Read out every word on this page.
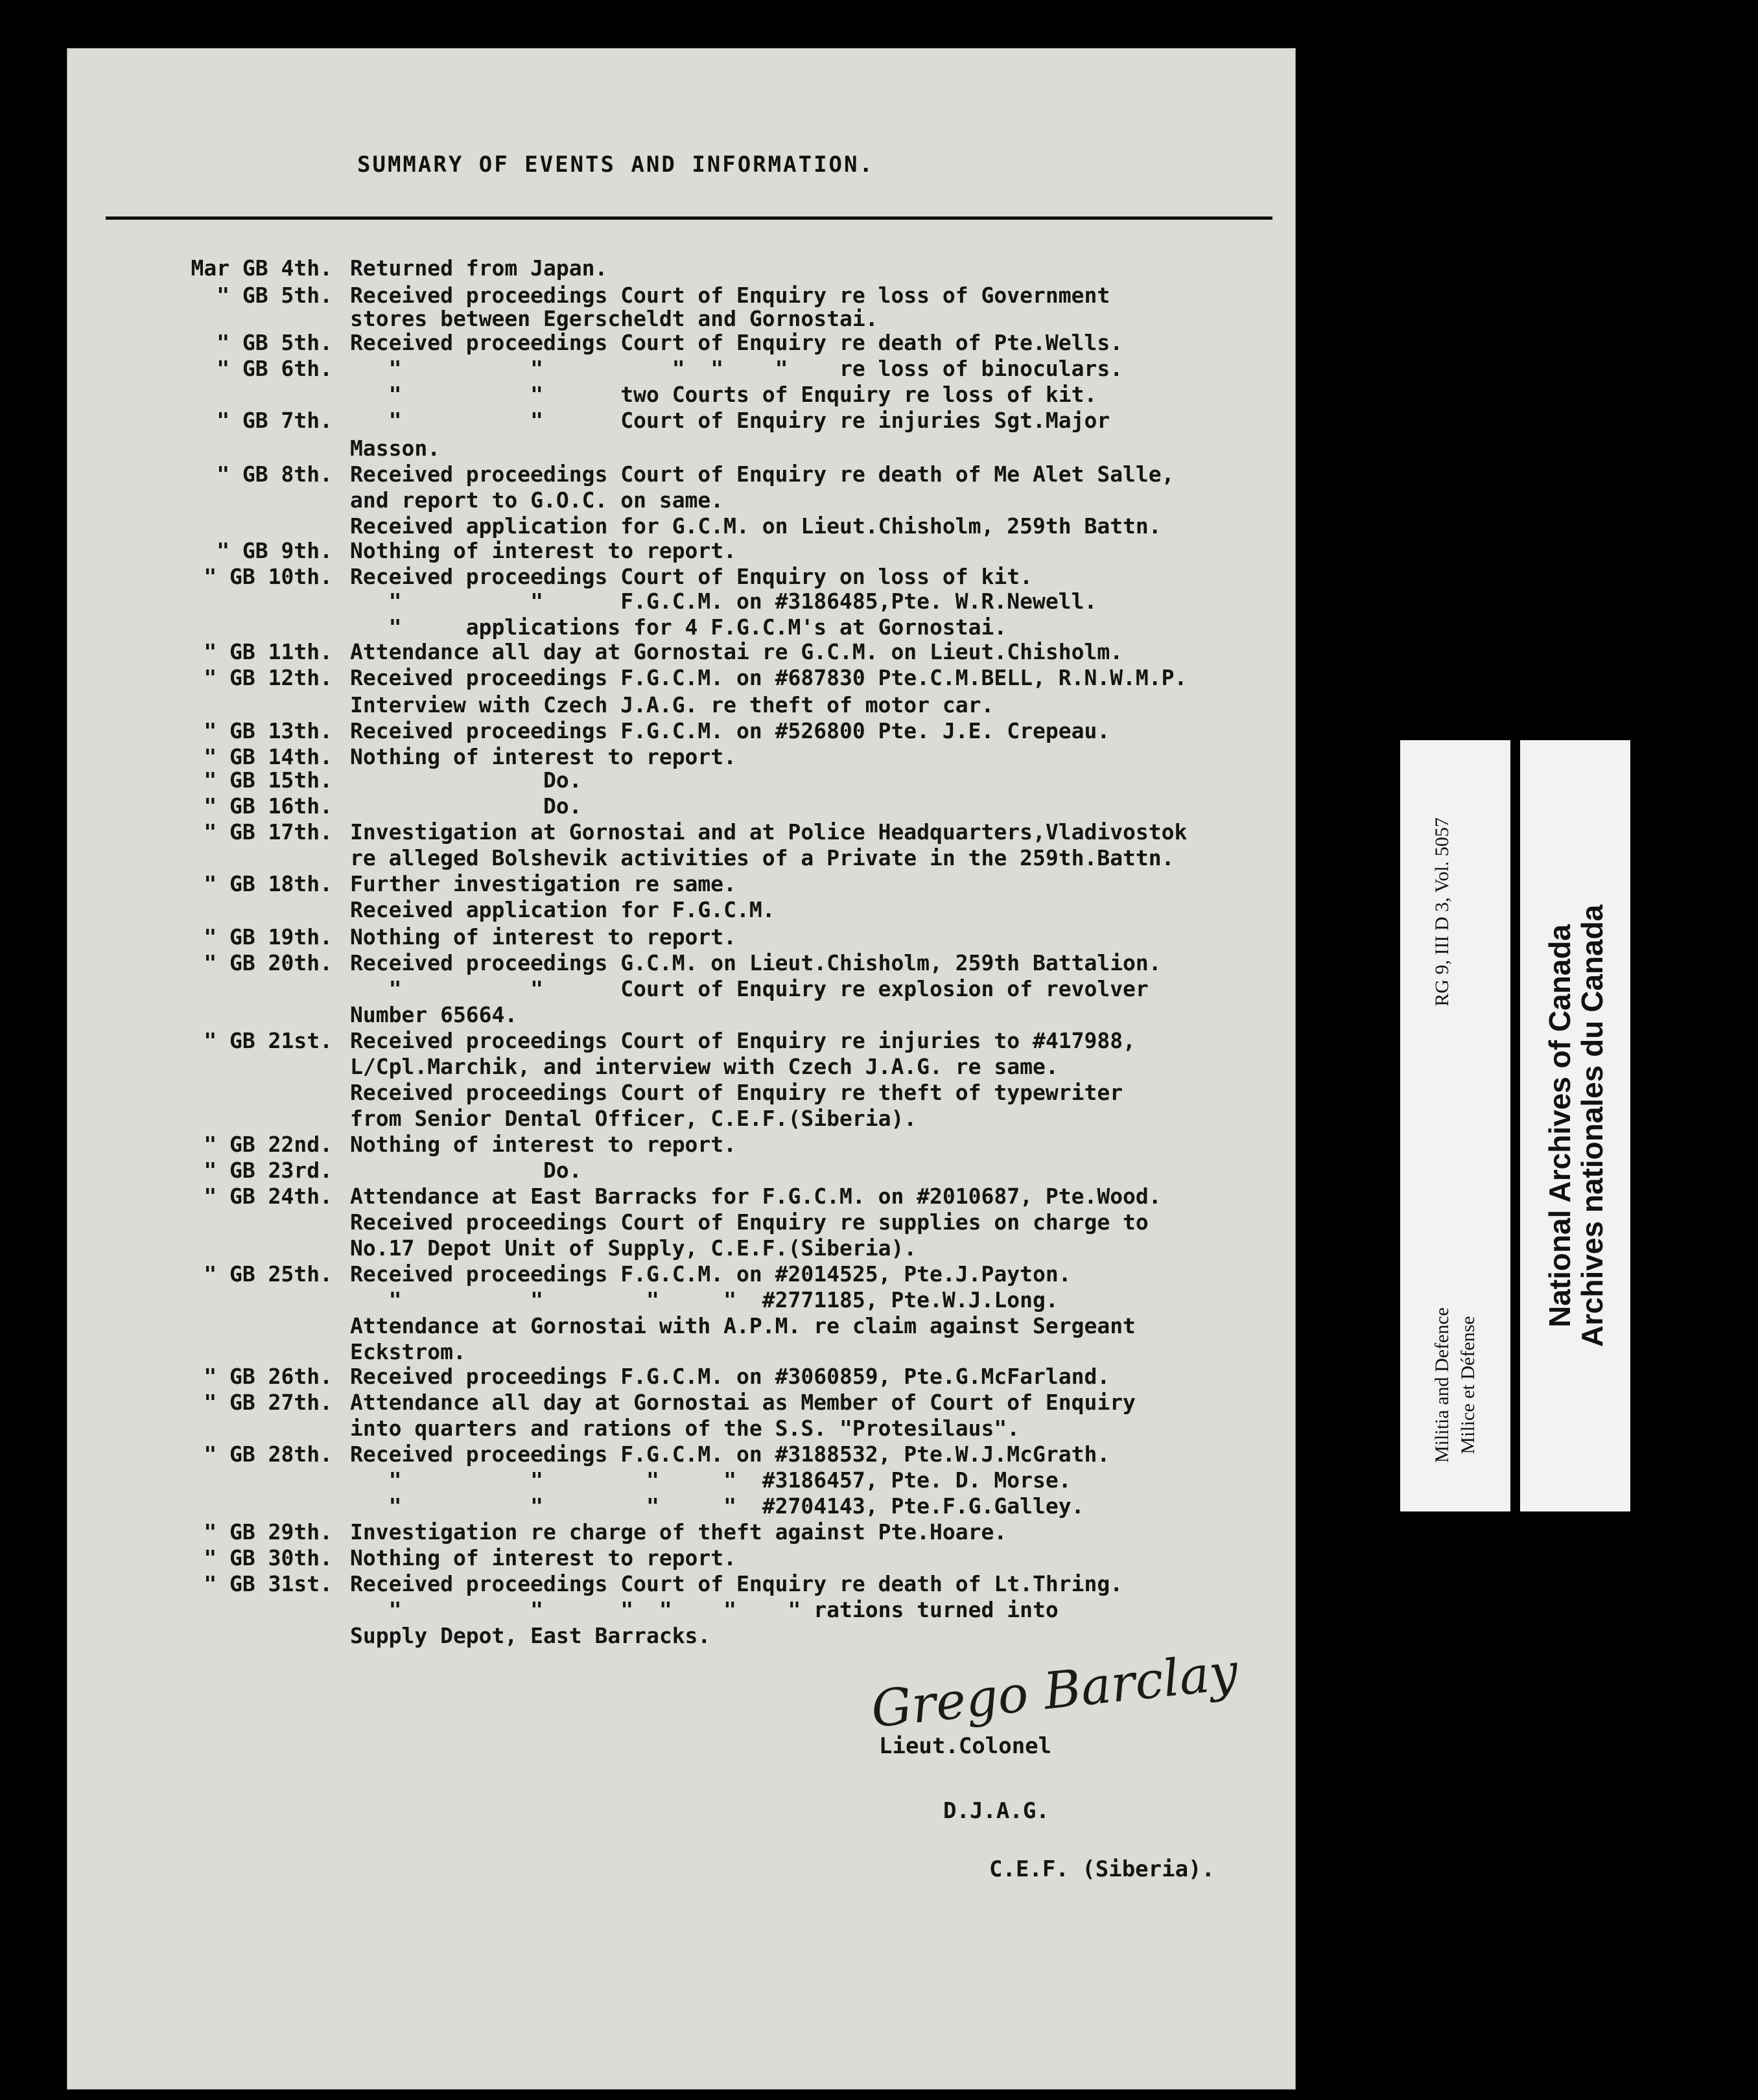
SUMMARY OF EVENTS AND INFORMATION.
Mar GB 4th. Returned from Japan.
" GB 5th. Received proceedings Court of Enquiry re loss of Government
stores between Egerscheldt and Gornostai.
" GB 5th. Received proceedings Court of Enquiry re death of Pte.Wells.
" GB 6th. "          "          "  "    "    re loss of binoculars.
"          "      two Courts of Enquiry re loss of kit.
" GB 7th. "          "      Court of Enquiry re injuries Sgt.Major
Masson.
" GB 8th. Received proceedings Court of Enquiry re death of Me Alet Salle,
and report to G.O.C. on same.
Received application for G.C.M. on Lieut.Chisholm, 259th Battn.
" GB 9th. Nothing of interest to report.
" GB 10th. Received proceedings Court of Enquiry on loss of kit.
"          "      F.G.C.M. on #3186485,Pte. W.R.Newell.
"     applications for 4 F.G.C.M's at Gornostai.
" GB 11th. Attendance all day at Gornostai re G.C.M. on Lieut.Chisholm.
" GB 12th. Received proceedings F.G.C.M. on #687830 Pte.C.M.BELL, R.N.W.M.P.
Interview with Czech J.A.G. re theft of motor car.
" GB 13th. Received proceedings F.G.C.M. on #526800 Pte. J.E. Crepeau.
" GB 14th. Nothing of interest to report.
" GB 15th. Do.
" GB 16th. Do.
" GB 17th. Investigation at Gornostai and at Police Headquarters,Vladivostok
re alleged Bolshevik activities of a Private in the 259th.Battn.
" GB 18th. Further investigation re same.
Received application for F.G.C.M.
" GB 19th. Nothing of interest to report.
" GB 20th. Received proceedings G.C.M. on Lieut.Chisholm, 259th Battalion.
"          "      Court of Enquiry re explosion of revolver
Number 65664.
" GB 21st. Received proceedings Court of Enquiry re injuries to #417988,
L/Cpl.Marchik, and interview with Czech J.A.G. re same.
Received proceedings Court of Enquiry re theft of typewriter
from Senior Dental Officer, C.E.F.(Siberia).
" GB 22nd. Nothing of interest to report.
" GB 23rd. Do.
" GB 24th. Attendance at East Barracks for F.G.C.M. on #2010687, Pte.Wood.
Received proceedings Court of Enquiry re supplies on charge to
No.17 Depot Unit of Supply, C.E.F.(Siberia).
" GB 25th. Received proceedings F.G.C.M. on #2014525, Pte.J.Payton.
"          "        "     "  #2771185, Pte.W.J.Long.
Attendance at Gornostai with A.P.M. re claim against Sergeant
Eckstrom.
" GB 26th. Received proceedings F.G.C.M. on #3060859, Pte.G.McFarland.
" GB 27th. Attendance all day at Gornostai as Member of Court of Enquiry
into quarters and rations of the S.S. "Protesilaus".
" GB 28th. Received proceedings F.G.C.M. on #3188532, Pte.W.J.McGrath.
"          "        "     "  #3186457, Pte. D. Morse.
"          "        "     "  #2704143, Pte.F.G.Galley.
" GB 29th. Investigation re charge of theft against Pte.Hoare.
" GB 30th. Nothing of interest to report.
" GB 31st. Received proceedings Court of Enquiry re death of Lt.Thring.
"          "      "  "    "    " rations turned into
Supply Depot, East Barracks.
Grego Barclay
Lieut.Colonel
D.J.A.G.
C.E.F. (Siberia).
RG 9, III D 3, Vol. 5057
Militia and Defence Milice et Défense
National Archives of Canada
Archives nationales du Canada
